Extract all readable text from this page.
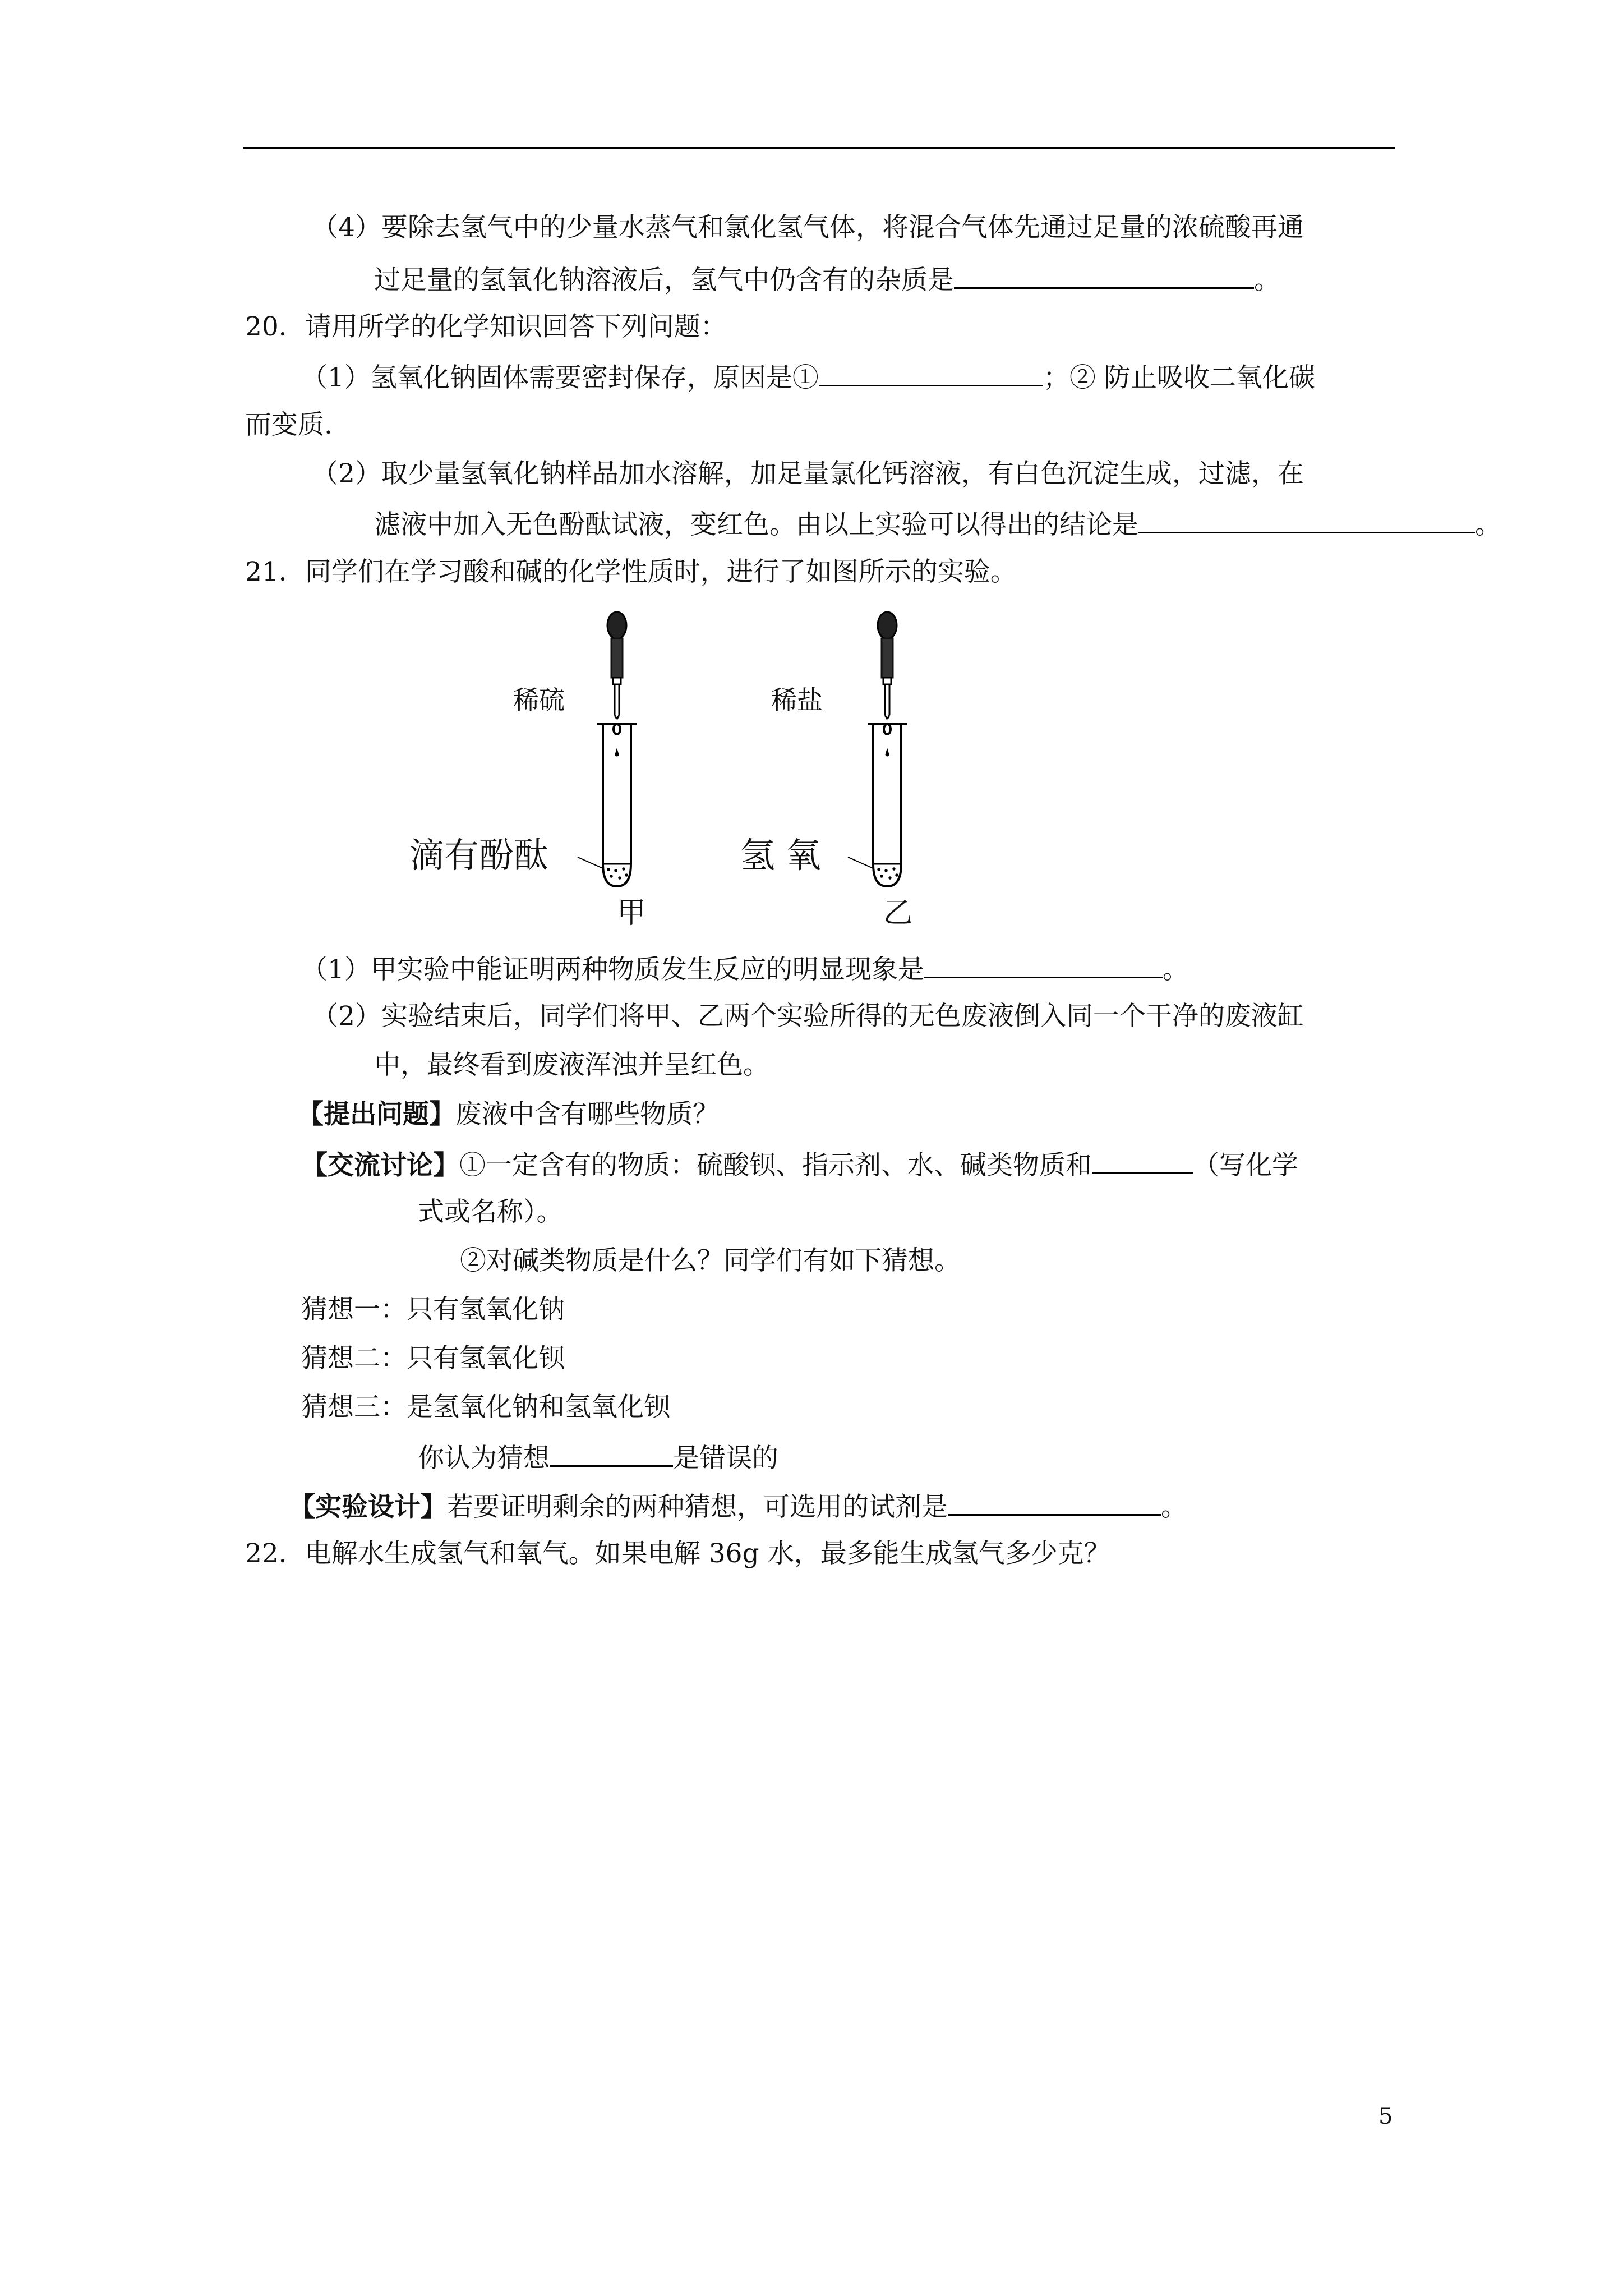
（4）要除去氢气中的少量水蒸气和氯化氢气体，将混合气体先通过足量的浓硫酸再通
过足量的氢氧化钠溶液后，氢气中仍含有的杂质是	。
20．请用所学的化学知识回答下列问题：
（1）氢氧化钠固体需要密封保存，原因是①	；② 防止吸收二氧化碳
而变质.
（2）取少量氢氧化钠样品加水溶解，加足量氯化钙溶液，有白色沉淀生成，过滤，在
滤液中加入无色酚酞试液，变红色。由以上实验可以得出的结论是	。
21．同学们在学习酸和碱的化学性质时，进行了如图所示的实验。
稀硫
滴有酚酞
甲
稀盐
氢 氧
乙
（1）甲实验中能证明两种物质发生反应的明显现象是	。
（2）实验结束后，同学们将甲、乙两个实验所得的无色废液倒入同一个干净的废液缸
中，最终看到废液浑浊并呈红色。
【提出问题】废液中含有哪些物质？
【交流讨论】①一定含有的物质：硫酸钡、指示剂、水、碱类物质和	（写化学
式或名称）。
②对碱类物质是什么？同学们有如下猜想。
猜想一：只有氢氧化钠
猜想二：只有氢氧化钡
猜想三：是氢氧化钠和氢氧化钡
你认为猜想	是错误的
【实验设计】若要证明剩余的两种猜想，可选用的试剂是	。
22．电解水生成氢气和氧气。如果电解 36g 水，最多能生成氢气多少克？
5
